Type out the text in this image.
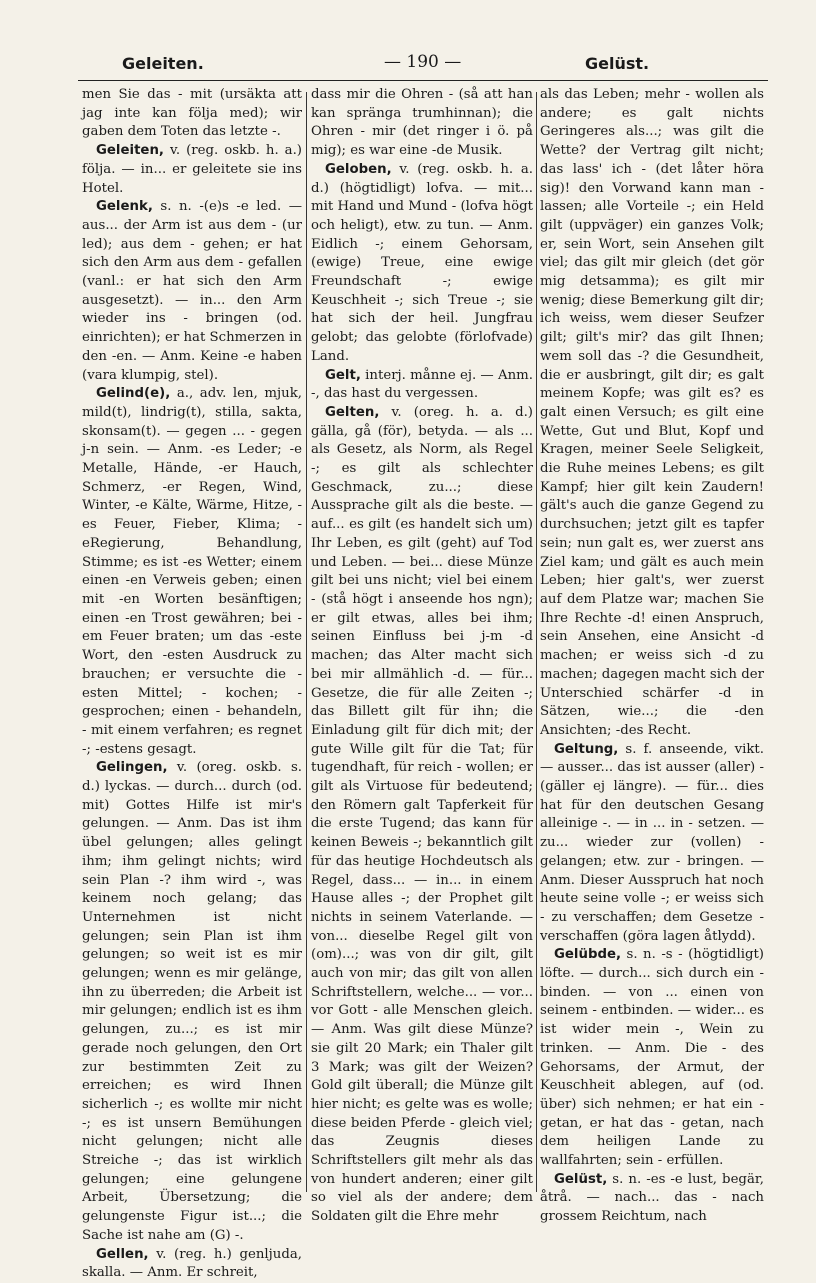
Geleiten.	— 190 —	Gelüst.

men Sie das - mit (ursäkta att jag inte kan följa med); wir gaben dem Toten das letzte -.

Geleiten, v. (reg. oskb. h. a.) följa. — in... er geleitete sie ins Hotel.

Gelenk, s. n. -(e)s -e led. — aus... der Arm ist aus dem - (ur led); aus dem - gehen; er hat sich den Arm aus dem - gefallen (vanl.: er hat sich den Arm ausgesetzt). — in... den Arm wieder ins - bringen (od. einrichten); er hat Schmerzen in den -en. — Anm. Keine -e haben (vara klumpig, stel).

Gelind(e), a., adv. len, mjuk, mild(t), lindrig(t), stilla, sakta, skonsam(t). — gegen ... - gegen j-n sein. — Anm. -es Leder; -e Metalle, Hände, -er Hauch, Schmerz, -er Regen, Wind, Winter, -e Kälte, Wärme, Hitze, -es Feuer, Fieber, Klima; -eRegierung, Behandlung, Stimme; es ist -es Wetter; einem einen -en Verweis geben; einen mit -en Worten besänftigen; einen -en Trost gewähren; bei -em Feuer braten; um das -este Wort, den -esten Ausdruck zu brauchen; er versuchte die -esten Mittel; - kochen; - gesprochen; einen - behandeln, - mit einem verfahren; es regnet -; -estens gesagt.

Gelingen, v. (oreg. oskb. s. d.) lyckas. — durch... durch (od. mit) Gottes Hilfe ist mir's gelungen. — Anm. Das ist ihm übel gelungen; alles gelingt ihm; ihm gelingt nichts; wird sein Plan -? ihm wird -, was keinem noch gelang; das Unternehmen ist nicht gelungen; sein Plan ist ihm gelungen; so weit ist es mir gelungen; wenn es mir gelänge, ihn zu überreden; die Arbeit ist mir gelungen; endlich ist es ihm gelungen, zu...; es ist mir gerade noch gelungen, den Ort zur bestimmten Zeit zu erreichen; es wird Ihnen sicherlich -; es wollte mir nicht -; es ist unsern Bemühungen nicht gelungen; nicht alle Streiche -; das ist wirklich gelungen; eine gelungene Arbeit, Übersetzung; die gelungenste Figur ist...; die Sache ist nahe am (G) -.

Gellen, v. (reg. h.) genljuda, skalla. — Anm. Er schreit,

dass mir die Ohren - (så att han kan spränga trumhinnan); die Ohren - mir (det ringer i ö. på mig); es war eine -de Musik.

Geloben, v. (reg. oskb. h. a. d.) (högtidligt) lofva. — mit... mit Hand und Mund - (lofva högt och heligt), etw. zu tun. — Anm. Eidlich -; einem Gehorsam, (ewige) Treue, eine ewige Freundschaft -; ewige Keuschheit -; sich Treue -; sie hat sich der heil. Jungfrau gelobt; das gelobte (förlofvade) Land.

Gelt, interj. månne ej. — Anm. -, das hast du vergessen.

Gelten, v. (oreg. h. a. d.) gälla, gå (för), betyda. — als ... als Gesetz, als Norm, als Regel -; es gilt als schlechter Geschmack, zu...; diese Aussprache gilt als die beste. — auf... es gilt (es handelt sich um) Ihr Leben, es gilt (geht) auf Tod und Leben. — bei... diese Münze gilt bei uns nicht; viel bei einem - (stå högt i anseende hos ngn); er gilt etwas, alles bei ihm; seinen Einfluss bei j-m -d machen; das Alter macht sich bei mir allmählich -d. — für... Gesetze, die für alle Zeiten -; das Billett gilt für ihn; die Einladung gilt für dich mit; der gute Wille gilt für die Tat; für tugendhaft, für reich - wollen; er gilt als Virtuose für bedeutend; den Römern galt Tapferkeit für die erste Tugend; das kann für keinen Beweis -; bekanntlich gilt für das heutige Hochdeutsch als Regel, dass... — in... in einem Hause alles -; der Prophet gilt nichts in seinem Vaterlande. — von... dieselbe Regel gilt von (om)...; was von dir gilt, gilt auch von mir; das gilt von allen Schriftstellern, welche... — vor... vor Gott - alle Menschen gleich. — Anm. Was gilt diese Münze? sie gilt 20 Mark; ein Thaler gilt 3 Mark; was gilt der Weizen? Gold gilt überall; die Münze gilt hier nicht; es gelte was es wolle; diese beiden Pferde - gleich viel; das Zeugnis dieses Schriftstellers gilt mehr als das von hundert anderen; einer gilt so viel als der andere; dem Soldaten gilt die Ehre mehr

als das Leben; mehr - wollen als andere; es galt nichts Geringeres als...; was gilt die Wette? der Vertrag gilt nicht; das lass' ich - (det låter höra sig)! den Vorwand kann man - lassen; alle Vorteile -; ein Held gilt (uppväger) ein ganzes Volk; er, sein Wort, sein Ansehen gilt viel; das gilt mir gleich (det gör mig detsamma); es gilt mir wenig; diese Bemerkung gilt dir; ich weiss, wem dieser Seufzer gilt; gilt's mir? das gilt Ihnen; wem soll das -? die Gesundheit, die er ausbringt, gilt dir; es galt meinem Kopfe; was gilt es? es galt einen Versuch; es gilt eine Wette, Gut und Blut, Kopf und Kragen, meiner Seele Seligkeit, die Ruhe meines Lebens; es gilt Kampf; hier gilt kein Zaudern! gält's auch die ganze Gegend zu durchsuchen; jetzt gilt es tapfer sein; nun galt es, wer zuerst ans Ziel kam; und gält es auch mein Leben; hier galt's, wer zuerst auf dem Platze war; machen Sie Ihre Rechte -d! einen Anspruch, sein Ansehen, eine Ansicht -d machen; er weiss sich -d zu machen; dagegen macht sich der Unterschied schärfer -d in Sätzen, wie...; die -den Ansichten; -des Recht.

Geltung, s. f. anseende, vikt. — ausser... das ist ausser (aller) - (gäller ej längre). — für... dies hat für den deutschen Gesang alleinige -. — in ... in - setzen. — zu... wieder zur (vollen) - gelangen; etw. zur - bringen. — Anm. Dieser Ausspruch hat noch heute seine volle -; er weiss sich - zu verschaffen; dem Gesetze - verschaffen (göra lagen åtlydd).

Gelübde, s. n. -s - (högtidligt) löfte. — durch... sich durch ein - binden. — von ... einen von seinem - entbinden. — wider... es ist wider mein -, Wein zu trinken. — Anm. Die - des Gehorsams, der Armut, der Keuschheit ablegen, auf (od. über) sich nehmen; er hat ein - getan, er hat das - getan, nach dem heiligen Lande zu wallfahrten; sein - erfüllen.

Gelüst, s. n. -es -e lust, begär, åtrå. — nach... das - nach grossem Reichtum, nach
